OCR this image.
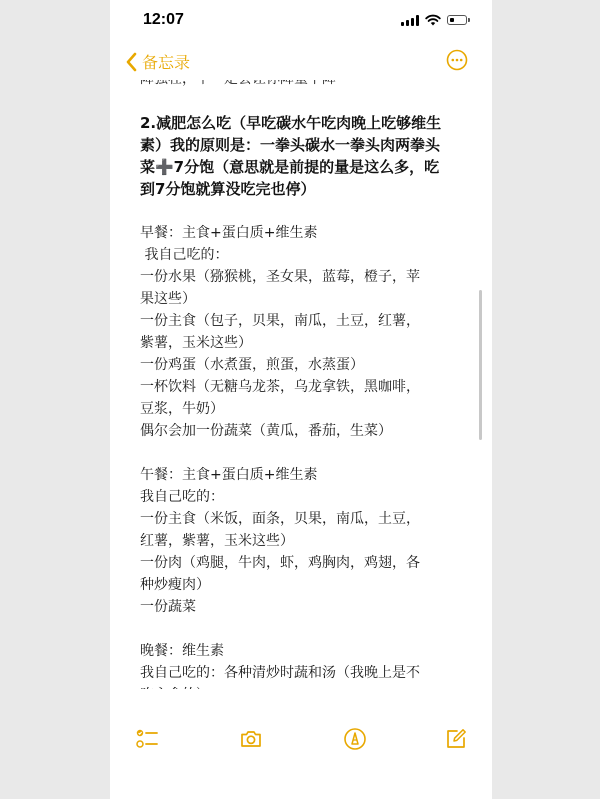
12:07
备忘录
2.减肥怎么吃（早吃碳水午吃肉晚上吃够维生
素）我的原则是：一拳头碳水一拳头肉两拳头
菜➕7分饱（意思就是前提的量是这么多，吃
到7分饱就算没吃完也停）
早餐：主食+蛋白质+维生素
我自己吃的：
一份水果（猕猴桃，圣女果，蓝莓，橙子，苹
果这些）
一份主食（包子，贝果，南瓜，土豆，红薯，
紫薯，玉米这些）
一份鸡蛋（水煮蛋，煎蛋，水蒸蛋）
一杯饮料（无糖乌龙茶，乌龙拿铁，黑咖啡，
豆浆，牛奶）
偶尔会加一份蔬菜（黄瓜，番茄，生菜）
午餐：主食+蛋白质+维生素
我自己吃的：
一份主食（米饭，面条，贝果，南瓜，土豆，
红薯，紫薯，玉米这些）
一份肉（鸡腿，牛肉，虾，鸡胸肉，鸡翅，各
种炒瘦肉）
一份蔬菜
晚餐：维生素
我自己吃的：各种清炒时蔬和汤（我晚上是不
